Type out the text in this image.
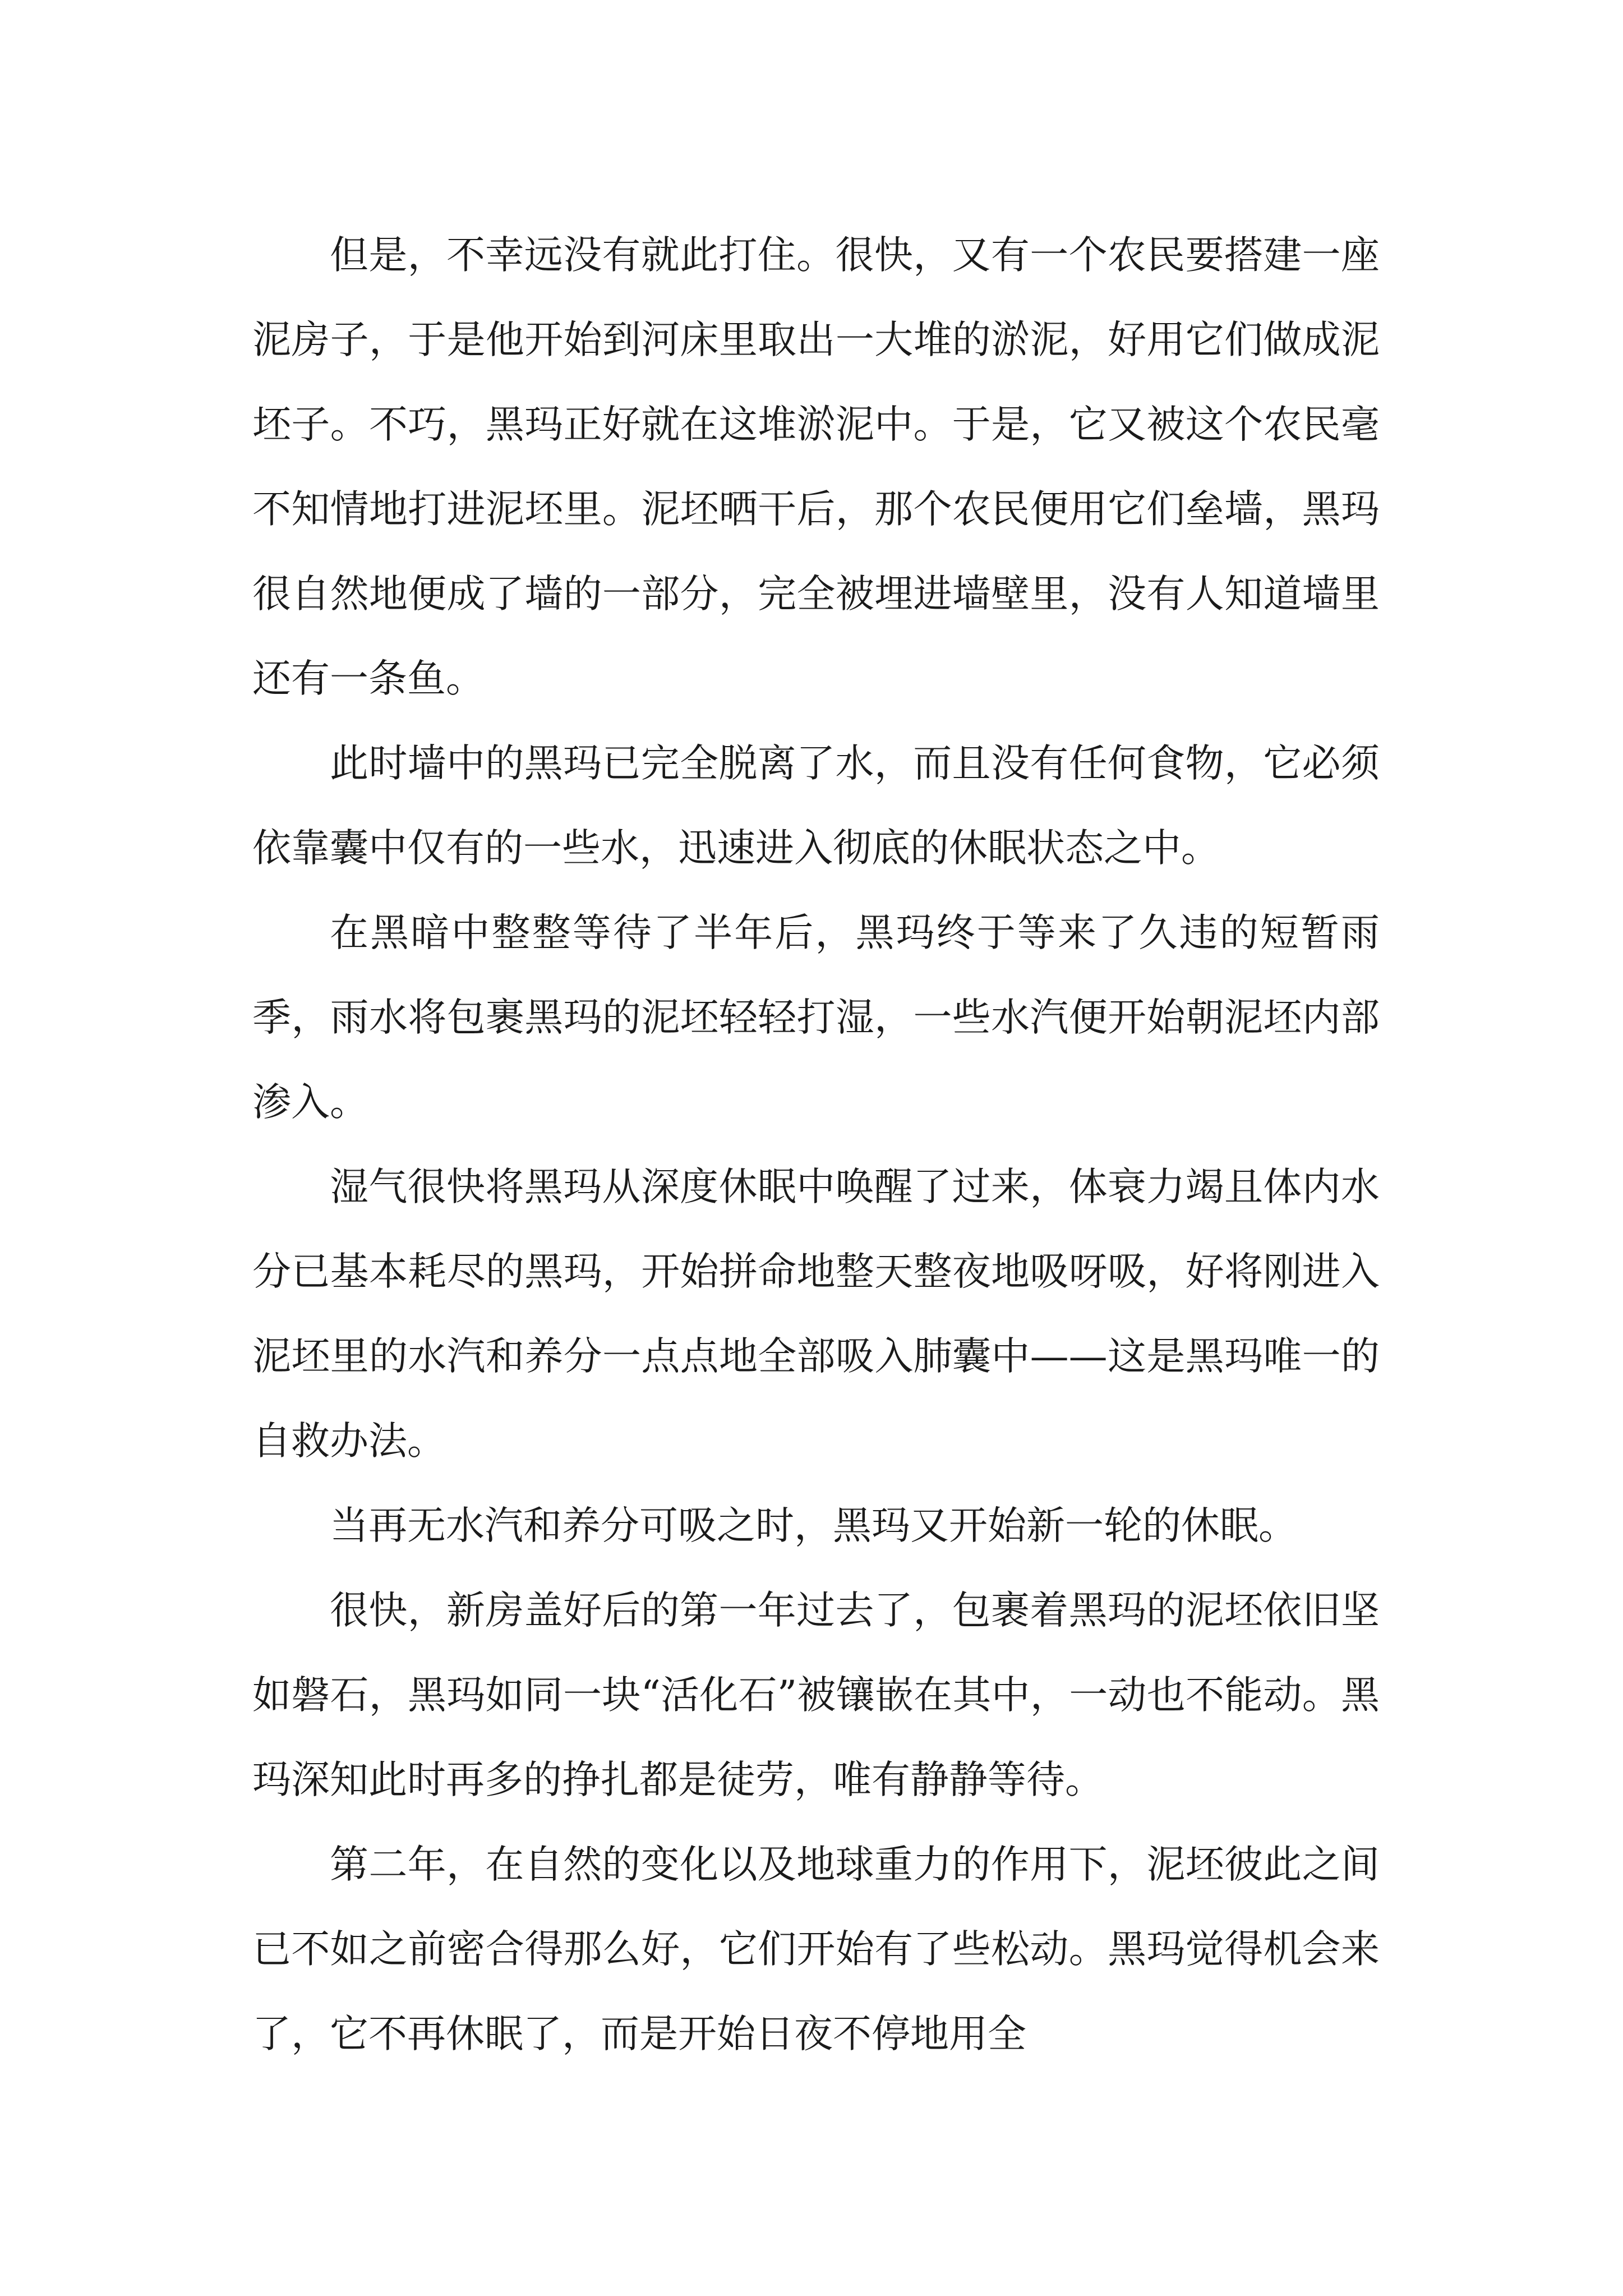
但是，不幸远没有就此打住。很快，又有一个农民要搭建一座泥房子，于是他开始到河床里取出一大堆的淤泥，好用它们做成泥坯子。不巧，黑玛正好就在这堆淤泥中。于是，它又被这个农民毫不知情地打进泥坯里。泥坯晒干后，那个农民便用它们垒墙，黑玛很自然地便成了墙的一部分，完全被埋进墙壁里，没有人知道墙里还有一条鱼。

此时墙中的黑玛已完全脱离了水，而且没有任何食物，它必须依靠囊中仅有的一些水，迅速进入彻底的休眠状态之中。

在黑暗中整整等待了半年后，黑玛终于等来了久违的短暂雨季，雨水将包裹黑玛的泥坯轻轻打湿，一些水汽便开始朝泥坯内部渗入。

湿气很快将黑玛从深度休眠中唤醒了过来，体衰力竭且体内水分已基本耗尽的黑玛，开始拼命地整天整夜地吸呀吸，好将刚进入泥坯里的水汽和养分一点点地全部吸入肺囊中——这是黑玛唯一的自救办法。

当再无水汽和养分可吸之时，黑玛又开始新一轮的休眠。

很快，新房盖好后的第一年过去了，包裹着黑玛的泥坯依旧坚如磐石，黑玛如同一块“活化石”被镶嵌在其中，一动也不能动。黑玛深知此时再多的挣扎都是徒劳，唯有静静等待。

第二年，在自然的变化以及地球重力的作用下，泥坯彼此之间已不如之前密合得那么好，它们开始有了些松动。黑玛觉得机会来了，它不再休眠了，而是开始日夜不停地用全
